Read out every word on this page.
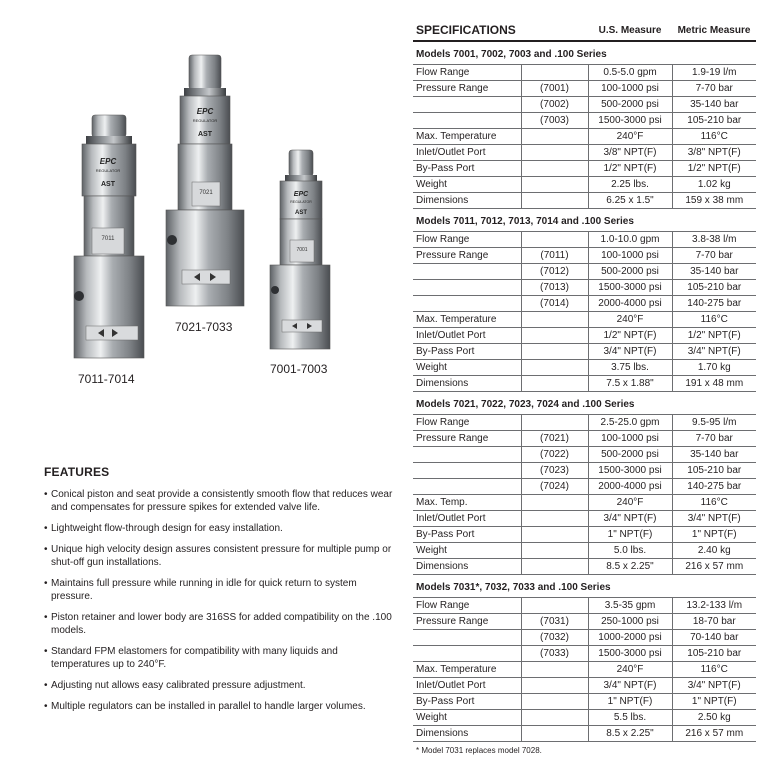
EPC
REGULATOR
AST
7011
EPC
REGULATOR
AST
7021	EPC
REGULATOR
AST
7001
7011-7014
7021-7033
7001-7003
FEATURES
• Conical piston and seat provide a consistently smooth flow that reduces wear and compensates for pressure spikes for extended valve life.
• Lightweight flow-through design for easy installation.
• Unique high velocity design assures consistent pressure for multiple pump or shut-off gun installations.
• Maintains full pressure while running in idle for quick return to system pressure.
• Piston retainer and lower body are 316SS for added compatibility on the .100 models.
• Standard FPM elastomers for compatibility with many liquids and temperatures up to 240°F.
• Adjusting nut allows easy calibrated pressure adjustment.
• Multiple regulators can be installed in parallel to handle larger volumes.
SPECIFICATIONS	U.S. Measure	Metric Measure
Models 7001, 7002, 7003 and .100 Series
Flow Range		0.5-5.0 gpm	1.9-19 l/m
Pressure Range	(7001)	100-1000 psi	7-70 bar
	(7002)	500-2000 psi	35-140 bar
	(7003)	1500-3000 psi	105-210 bar
Max. Temperature		240°F	116°C
Inlet/Outlet Port		3/8" NPT(F)	3/8" NPT(F)
By-Pass Port		1/2" NPT(F)	1/2" NPT(F)
Weight		2.25 lbs.	1.02 kg
Dimensions		6.25 x 1.5"	159 x 38 mm
Models 7011, 7012, 7013, 7014 and .100 Series
Flow Range		1.0-10.0 gpm	3.8-38 l/m
Pressure Range	(7011)	100-1000 psi	7-70 bar
	(7012)	500-2000 psi	35-140 bar
	(7013)	1500-3000 psi	105-210 bar
	(7014)	2000-4000 psi	140-275 bar
Max. Temperature		240°F	116°C
Inlet/Outlet Port		1/2" NPT(F)	1/2" NPT(F)
By-Pass Port		3/4" NPT(F)	3/4" NPT(F)
Weight		3.75 lbs.	1.70 kg
Dimensions		7.5 x 1.88"	191 x 48 mm
Models 7021, 7022, 7023, 7024 and .100 Series
Flow Range		2.5-25.0 gpm	9.5-95 l/m
Pressure Range	(7021)	100-1000 psi	7-70 bar
	(7022)	500-2000 psi	35-140 bar
	(7023)	1500-3000 psi	105-210 bar
	(7024)	2000-4000 psi	140-275 bar
Max. Temp.		240°F	116°C
Inlet/Outlet Port		3/4" NPT(F)	3/4" NPT(F)
By-Pass Port		1" NPT(F)	1" NPT(F)
Weight		5.0 lbs.	2.40 kg
Dimensions		8.5 x 2.25"	216 x 57 mm
Models 7031*, 7032, 7033 and .100 Series
Flow Range		3.5-35 gpm	13.2-133 l/m
Pressure Range	(7031)	250-1000 psi	18-70 bar
	(7032)	1000-2000 psi	70-140 bar
	(7033)	1500-3000 psi	105-210 bar
Max. Temperature		240°F	116°C
Inlet/Outlet Port		3/4" NPT(F)	3/4" NPT(F)
By-Pass Port		1" NPT(F)	1" NPT(F)
Weight		5.5 lbs.	2.50 kg
Dimensions		8.5 x 2.25"	216 x 57 mm
* Model 7031 replaces model 7028.
